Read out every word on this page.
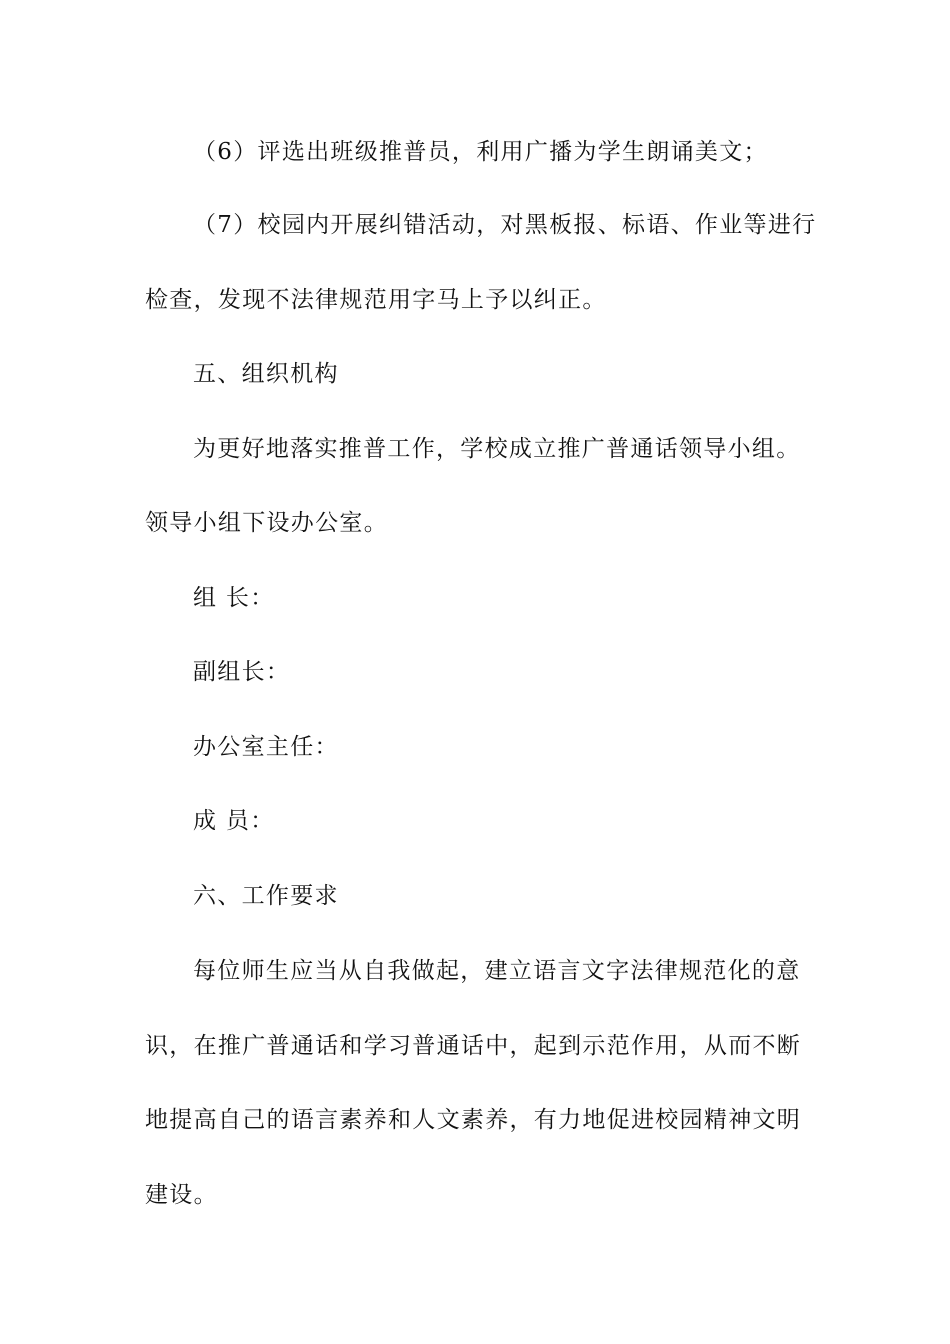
（6）评选出班级推普员，利用广播为学生朗诵美文；
（7）校园内开展纠错活动，对黑板报、标语、作业等进行
检查，发现不法律规范用字马上予以纠正。
五、组织机构
为更好地落实推普工作，学校成立推广普通话领导小组。
领导小组下设办公室。
组 长：
副组长：
办公室主任：
成 员：
六、工作要求
每位师生应当从自我做起，建立语言文字法律规范化的意
识，在推广普通话和学习普通话中，起到示范作用，从而不断
地提高自己的语言素养和人文素养，有力地促进校园精神文明
建设。
